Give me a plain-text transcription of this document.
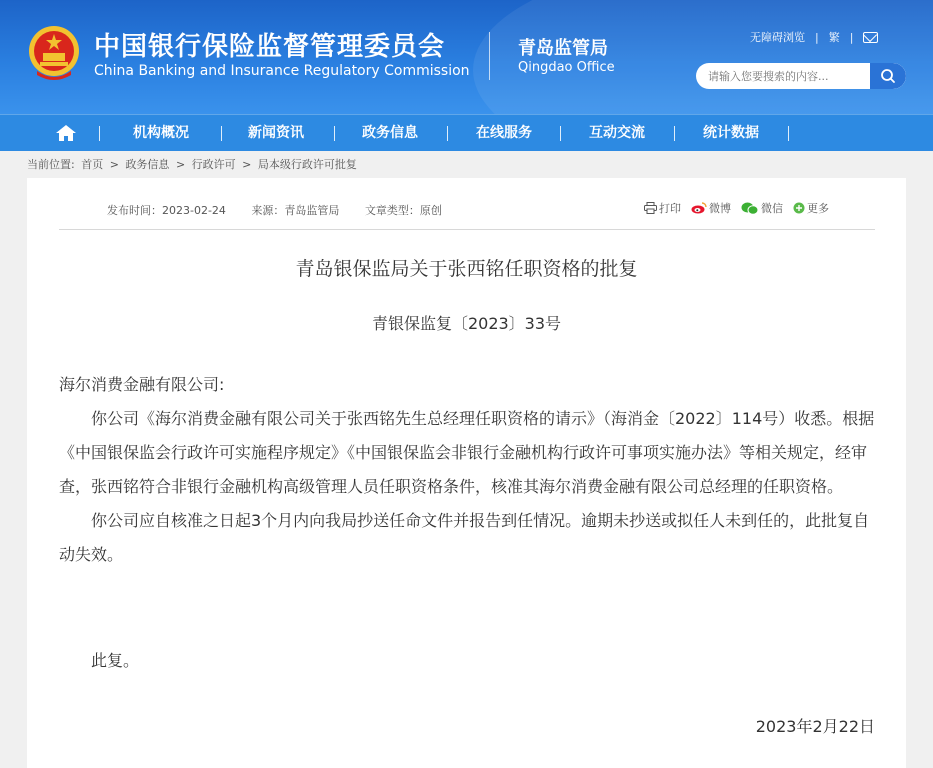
中国银行保险监督管理委员会
China Banking and Insurance Regulatory Commission
青岛监管局
Qingdao Office
无障碍浏览 | 繁 |
请输入您要搜索的内容...
机构概况	新闻资讯	政务信息	在线服务	互动交流	统计数据
当前位置: 首页 > 政务信息 > 行政许可 > 局本级行政许可批复
发布时间：2023-02-24 来源：青岛监管局 文章类型：原创	打印	微博	微信 更多
青岛银保监局关于张西铭任职资格的批复
青银保监复〔2023〕33号

海尔消费金融有限公司:

你公司《海尔消费金融有限公司关于张西铭先生总经理任职资格的请示》（海消金〔2022〕114号）收悉。根据《中国银保监会行政许可实施程序规定》《中国银保监会非银行金融机构行政许可事项实施办法》等相关规定，经审查，张西铭符合非银行金融机构高级管理人员任职资格条件，核准其海尔消费金融有限公司总经理的任职资格。

你公司应自核准之日起3个月内向我局抄送任命文件并报告到任情况。逾期未抄送或拟任人未到任的，此批复自动失效。

此复。
2023年2月22日
